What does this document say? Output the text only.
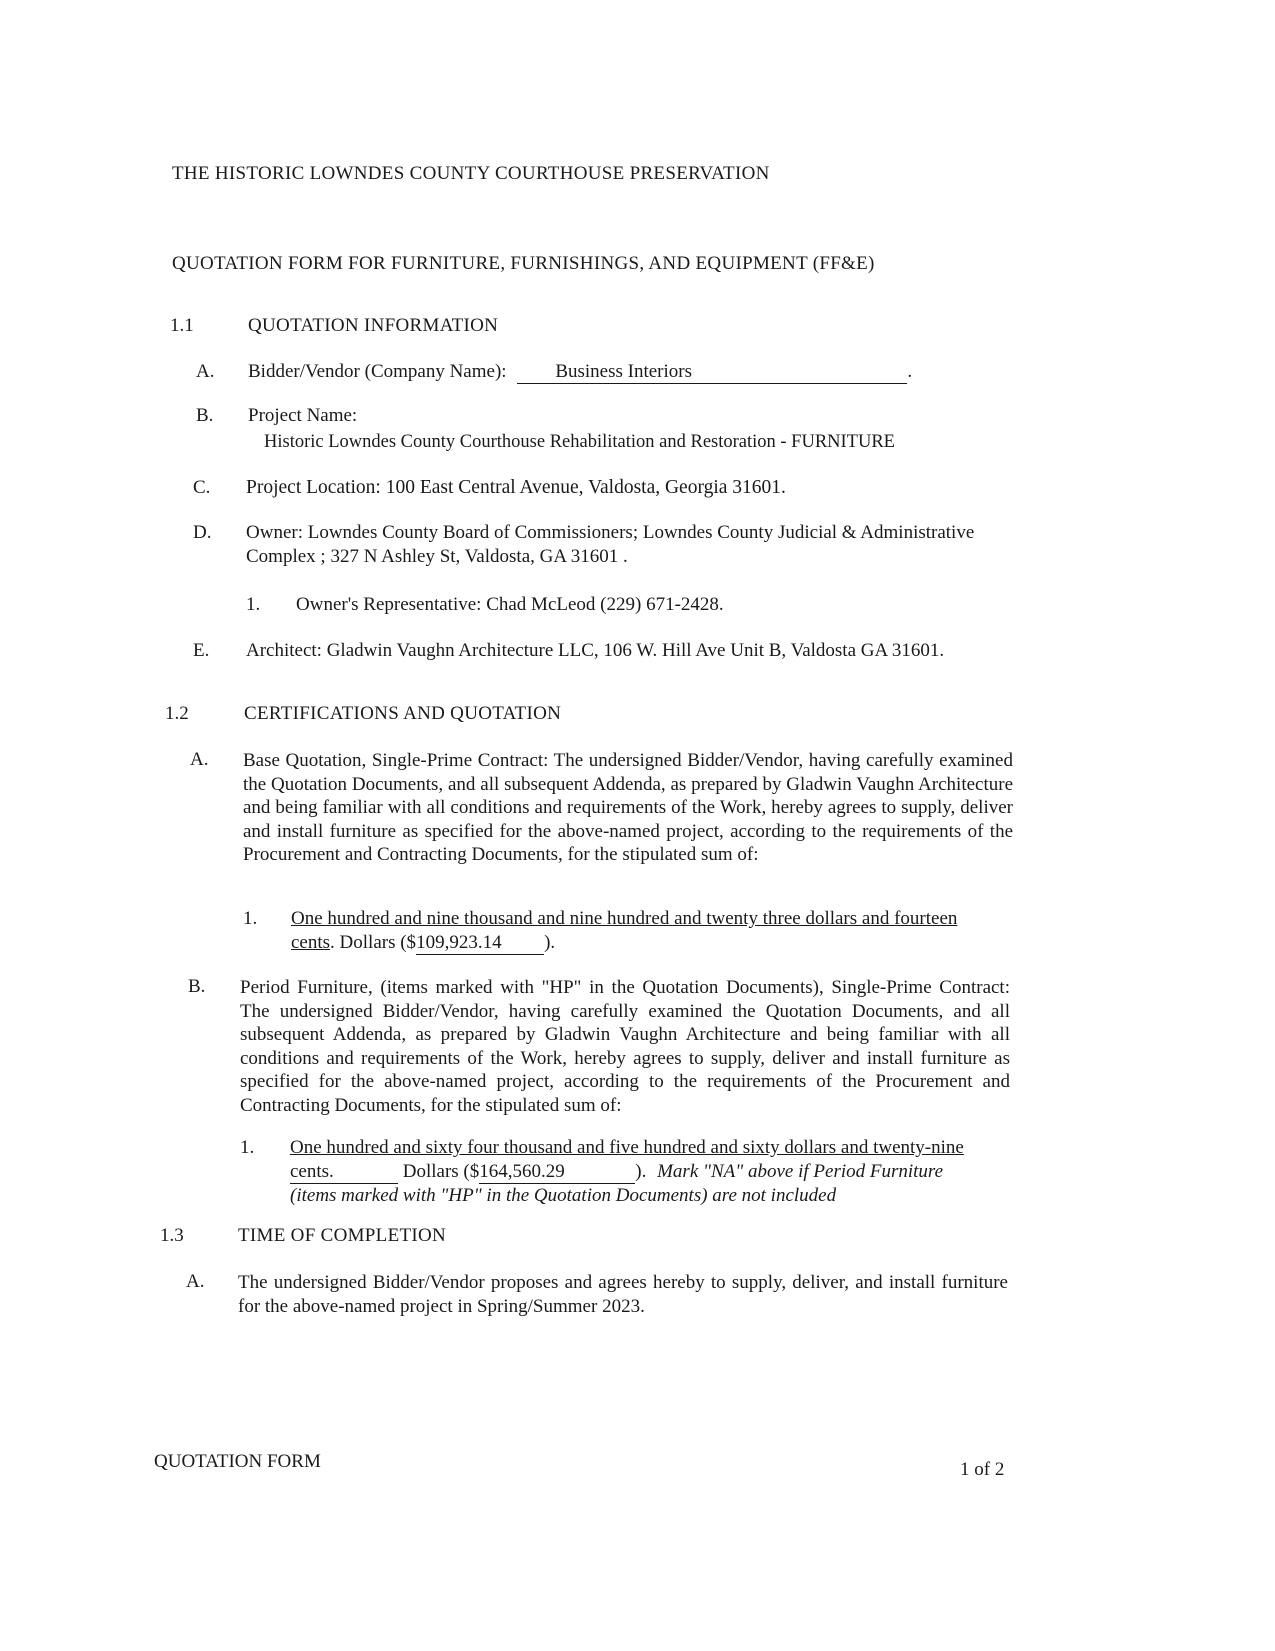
THE HISTORIC LOWNDES COUNTY COURTHOUSE PRESERVATION
QUOTATION FORM FOR FURNITURE, FURNISHINGS, AND EQUIPMENT (FF&E)
1.1	QUOTATION INFORMATION
A. Bidder/Vendor (Company Name):	Business Interiors	.
B. Project Name:
Historic Lowndes County Courthouse Rehabilitation and Restoration - FURNITURE
C. Project Location: 100 East Central Avenue, Valdosta, Georgia 31601.
D. Owner: Lowndes County Board of Commissioners; Lowndes County Judicial & Administrative
Complex ; 327 N Ashley St, Valdosta, GA 31601 .
1. Owner's Representative: Chad McLeod (229) 671-2428.
E. Architect: Gladwin Vaughn Architecture LLC, 106 W. Hill Ave Unit B, Valdosta GA 31601.
1.2	CERTIFICATIONS AND QUOTATION
A. Base Quotation, Single-Prime Contract: The undersigned Bidder/Vendor, having carefully examined the Quotation Documents, and all subsequent Addenda, as prepared by Gladwin Vaughn Architecture and being familiar with all conditions and requirements of the Work, hereby agrees to supply, deliver and install furniture as specified for the above-named project, according to the requirements of the Procurement and Contracting Documents, for the stipulated sum of:
1. One hundred and nine thousand and nine hundred and twenty three dollars and fourteen
cents. Dollars ($109,923.14 ).
B. Period Furniture, (items marked with "HP" in the Quotation Documents), Single-Prime Contract: The undersigned Bidder/Vendor, having carefully examined the Quotation Documents, and all subsequent Addenda, as prepared by Gladwin Vaughn Architecture and being familiar with all conditions and requirements of the Work, hereby agrees to supply, deliver and install furniture as specified for the above-named project, according to the requirements of the Procurement and Contracting Documents, for the stipulated sum of:
1. One hundred and sixty four thousand and five hundred and sixty dollars and twenty-nine
cents.	Dollars ($164,560.29	). Mark "NA" above if Period Furniture
(items marked with "HP" in the Quotation Documents) are not included
1.3	TIME OF COMPLETION
A. The undersigned Bidder/Vendor proposes and agrees hereby to supply, deliver, and install furniture for the above-named project in Spring/Summer 2023.
QUOTATION FORM	1 of 2
